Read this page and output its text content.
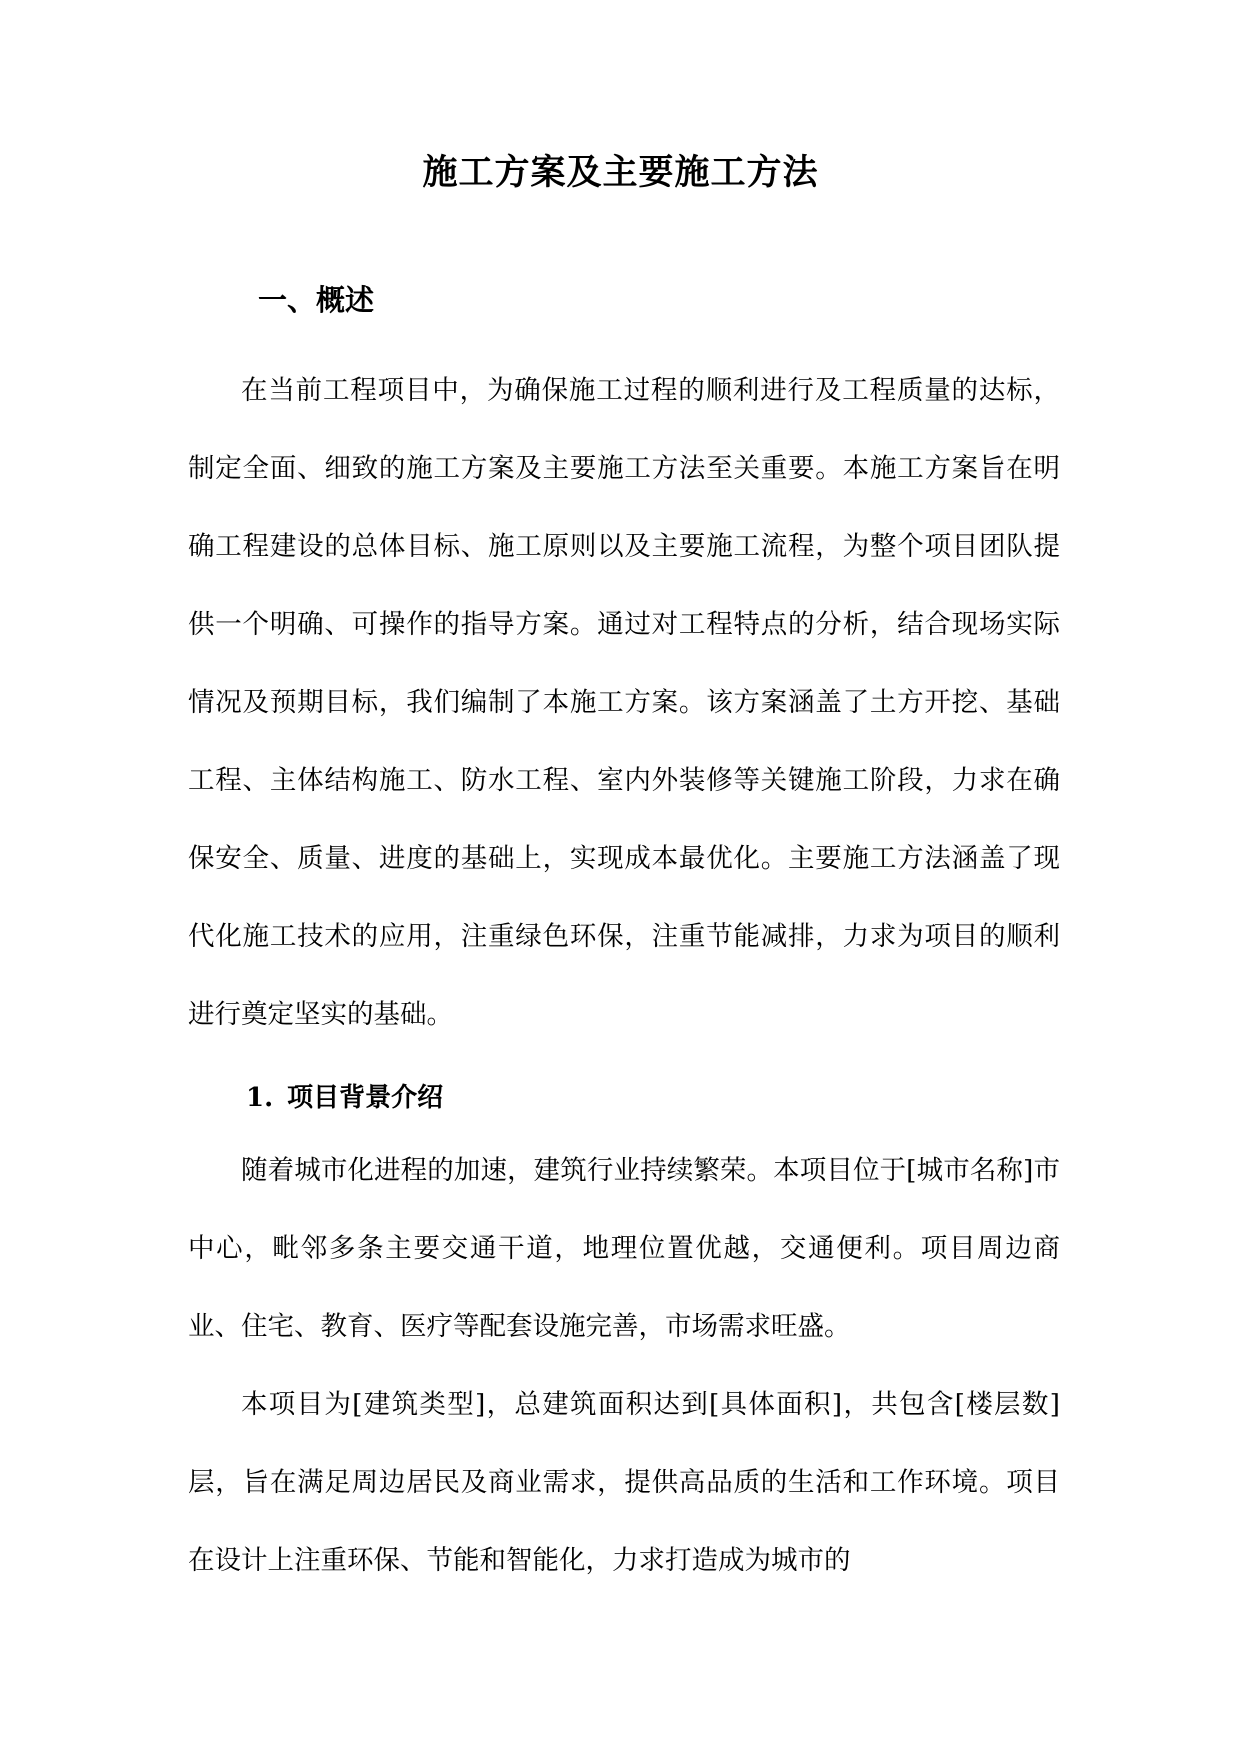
施工方案及主要施工方法
一、概述

在当前工程项目中，为确保施工过程的顺利进行及工程质量的达标，制定全面、细致的施工方案及主要施工方法至关重要。本施工方案旨在明确工程建设的总体目标、施工原则以及主要施工流程，为整个项目团队提供一个明确、可操作的指导方案。通过对工程特点的分析，结合现场实际情况及预期目标，我们编制了本施工方案。该方案涵盖了土方开挖、基础工程、主体结构施工、防水工程、室内外装修等关键施工阶段，力求在确保安全、质量、进度的基础上，实现成本最优化。主要施工方法涵盖了现代化施工技术的应用，注重绿色环保，注重节能减排，力求为项目的顺利进行奠定坚实的基础。

1. 项目背景介绍

随着城市化进程的加速，建筑行业持续繁荣。本项目位于[城市名称]市中心，毗邻多条主要交通干道，地理位置优越，交通便利。项目周边商业、住宅、教育、医疗等配套设施完善，市场需求旺盛。

本项目为[建筑类型]，总建筑面积达到[具体面积]，共包含[楼层数]层，旨在满足周边居民及商业需求，提供高品质的生活和工作环境。项目在设计上注重环保、节能和智能化，力求打造成为城市的
